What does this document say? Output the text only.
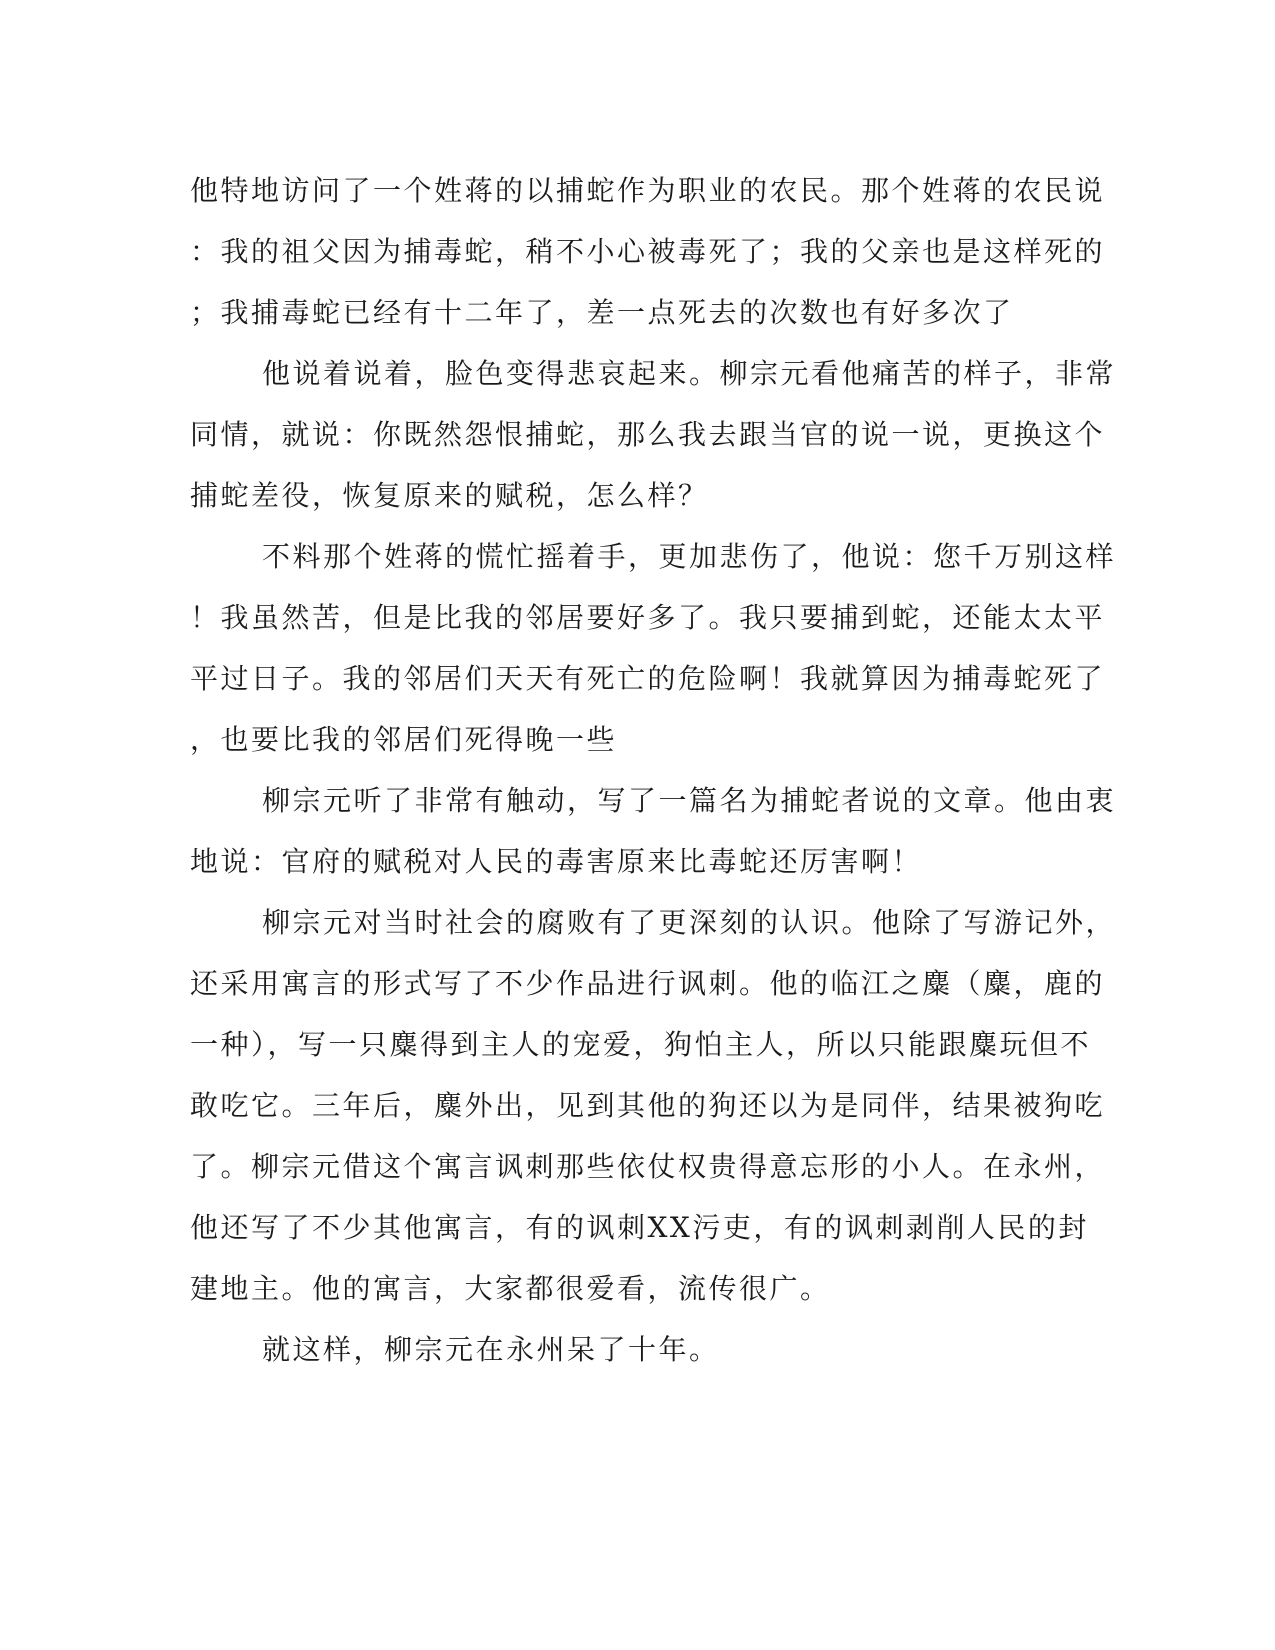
他特地访问了一个姓蒋的以捕蛇作为职业的农民。那个姓蒋的农民说
：我的祖父因为捕毒蛇，稍不小心被毒死了；我的父亲也是这样死的
；我捕毒蛇已经有十二年了，差一点死去的次数也有好多次了
他说着说着，脸色变得悲哀起来。柳宗元看他痛苦的样子，非常
同情，就说：你既然怨恨捕蛇，那么我去跟当官的说一说，更换这个
捕蛇差役，恢复原来的赋税，怎么样？
不料那个姓蒋的慌忙摇着手，更加悲伤了，他说：您千万别这样
！我虽然苦，但是比我的邻居要好多了。我只要捕到蛇，还能太太平
平过日子。我的邻居们天天有死亡的危险啊！我就算因为捕毒蛇死了
，也要比我的邻居们死得晚一些
柳宗元听了非常有触动，写了一篇名为捕蛇者说的文章。他由衷
地说：官府的赋税对人民的毒害原来比毒蛇还厉害啊！
柳宗元对当时社会的腐败有了更深刻的认识。他除了写游记外，
还采用寓言的形式写了不少作品进行讽刺。他的临江之麋（麋，鹿的
一种），写一只麋得到主人的宠爱，狗怕主人，所以只能跟麋玩但不
敢吃它。三年后，麋外出，见到其他的狗还以为是同伴，结果被狗吃
了。柳宗元借这个寓言讽刺那些依仗权贵得意忘形的小人。在永州，
他还写了不少其他寓言，有的讽刺XX污吏，有的讽刺剥削人民的封
建地主。他的寓言，大家都很爱看，流传很广。
就这样，柳宗元在永州呆了十年。
